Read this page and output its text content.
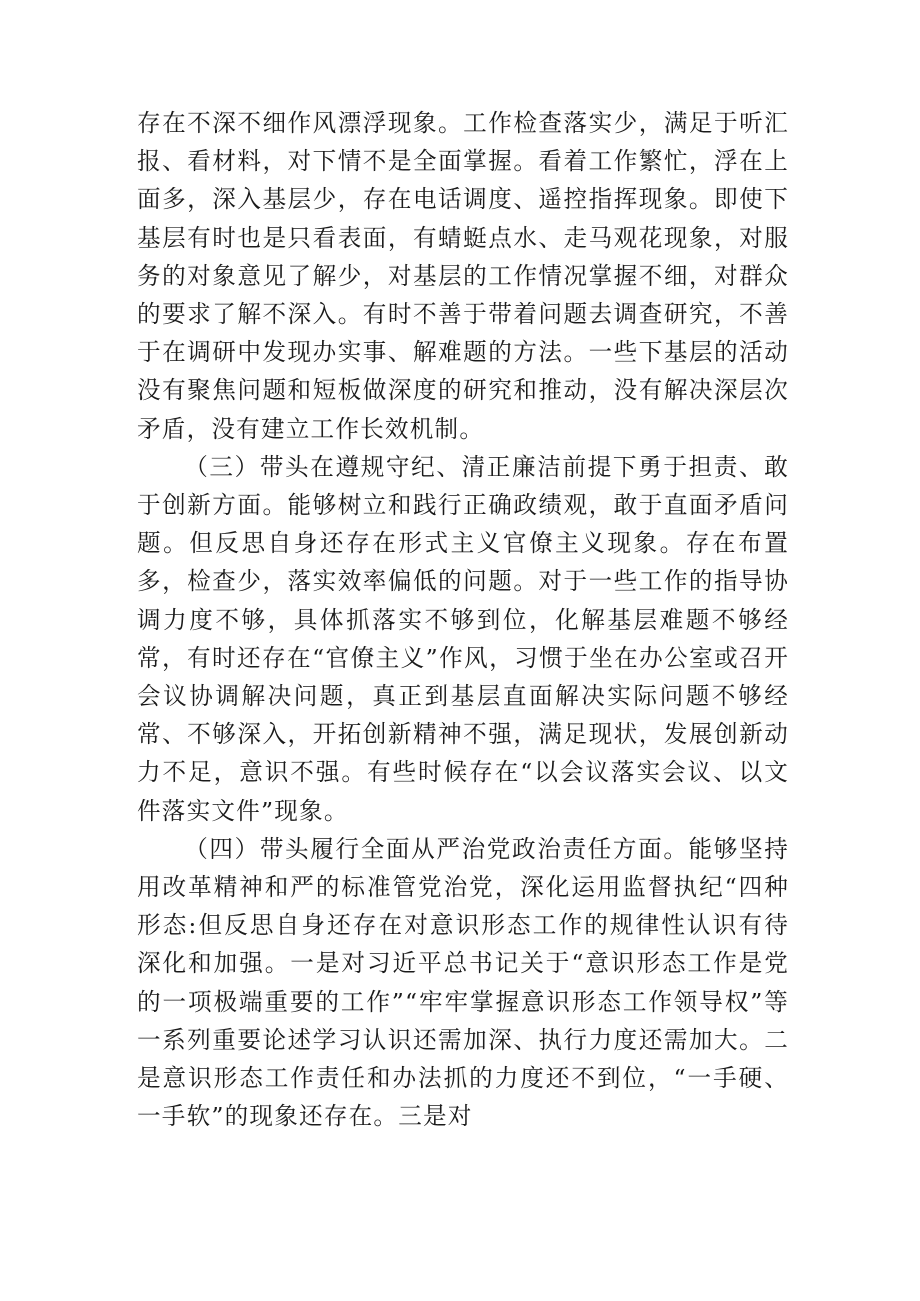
存在不深不细作风漂浮现象。工作检查落实少，满足于听汇报、看材料，对下情不是全面掌握。看着工作繁忙，浮在上面多，深入基层少，存在电话调度、遥控指挥现象。即使下基层有时也是只看表面，有蜻蜓点水、走马观花现象，对服务的对象意见了解少，对基层的工作情况掌握不细，对群众的要求了解不深入。有时不善于带着问题去调查研究，不善于在调研中发现办实事、解难题的方法。一些下基层的活动没有聚焦问题和短板做深度的研究和推动，没有解决深层次矛盾，没有建立工作长效机制。

（三）带头在遵规守纪、清正廉洁前提下勇于担责、敢于创新方面。能够树立和践行正确政绩观，敢于直面矛盾问题。但反思自身还存在形式主义官僚主义现象。存在布置多，检查少，落实效率偏低的问题。对于一些工作的指导协调力度不够，具体抓落实不够到位，化解基层难题不够经常，有时还存在“官僚主义”作风，习惯于坐在办公室或召开会议协调解决问题，真正到基层直面解决实际问题不够经常、不够深入，开拓创新精神不强，满足现状，发展创新动力不足，意识不强。有些时候存在“以会议落实会议、以文件落实文件”现象。

（四）带头履行全面从严治党政治责任方面。能够坚持用改革精神和严的标准管党治党，深化运用监督执纪“四种形态:但反思自身还存在对意识形态工作的规律性认识有待深化和加强。一是对习近平总书记关于“意识形态工作是党的一项极端重要的工作”“牢牢掌握意识形态工作领导权”等一系列重要论述学习认识还需加深、执行力度还需加大。二是意识形态工作责任和办法抓的力度还不到位，“一手硬、一手软”的现象还存在。三是对
